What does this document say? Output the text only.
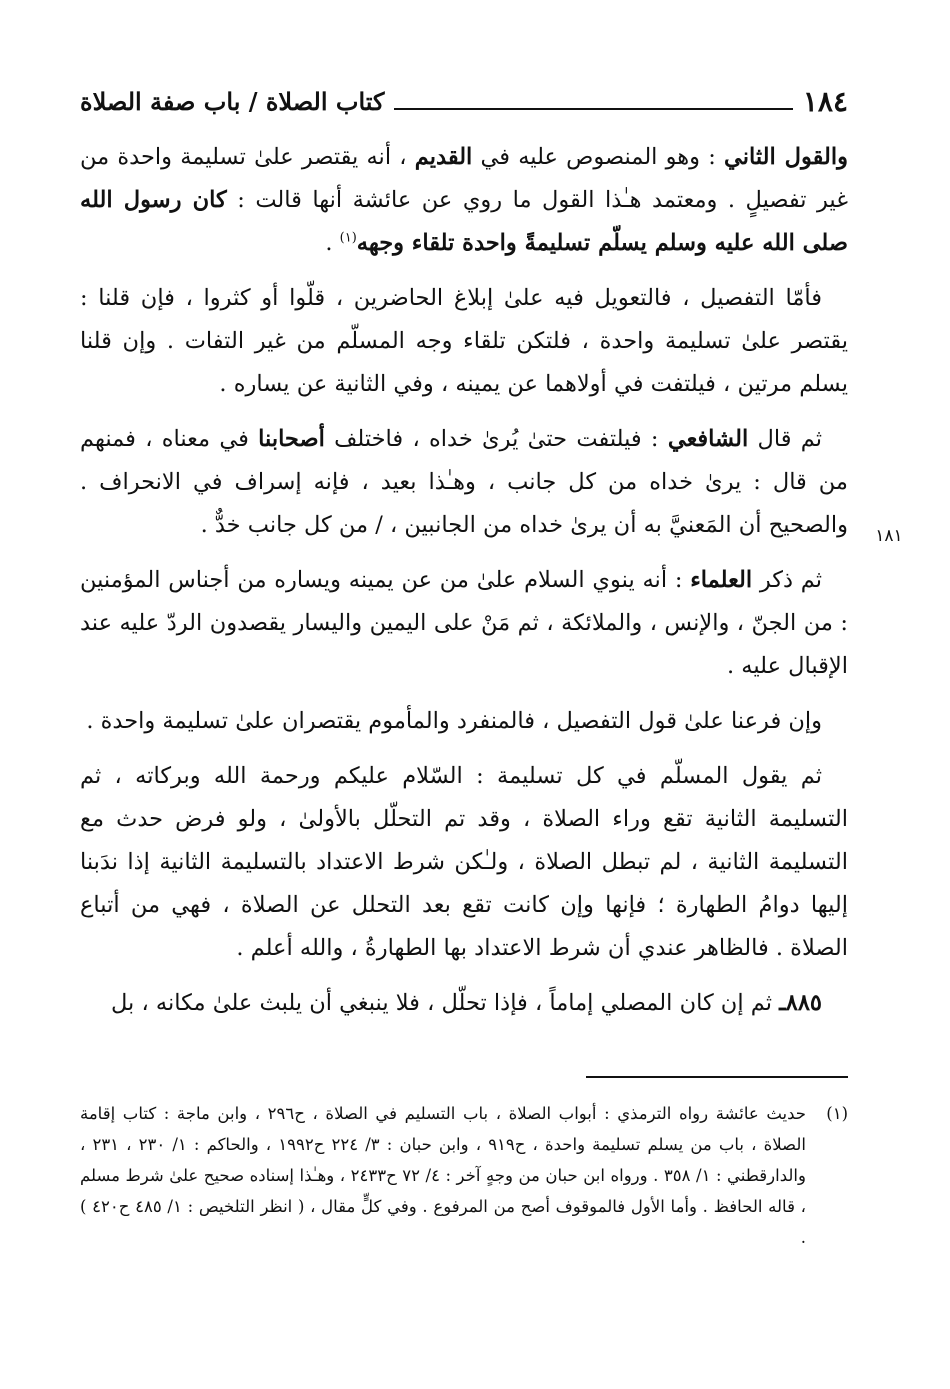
١٨٤
كتاب الصلاة / باب صفة الصلاة
١٨١

والقول الثاني : وهو المنصوص عليه في القديم ، أنه يقتصر علىٰ تسليمة واحدة من غير تفصيلٍ . ومعتمد هـٰذا القول ما روي عن عائشة أنها قالت : كان رسول الله صلى الله عليه وسلم يسلّم تسليمةً واحدة تلقاء وجهه$^{(١)}$ .

فأمّا التفصيل ، فالتعويل فيه علىٰ إبلاغ الحاضرين ، قلّوا أو كثروا ، فإن قلنا : يقتصر علىٰ تسليمة واحدة ، فلتكن تلقاء وجه المسلّم من غير التفات . وإن قلنا يسلم مرتين ، فيلتفت في أولاهما عن يمينه ، وفي الثانية عن يساره .

ثم قال الشافعي : فيلتفت حتىٰ يُرىٰ خداه ، فاختلف أصحابنا في معناه ، فمنهم من قال : يرىٰ خداه من كل جانب ، وهـٰذا بعيد ، فإنه إسراف في الانحراف . والصحيح أن المَعنيَّ به أن يرىٰ خداه من الجانبين ، / من كل جانب خدٌّ .

ثم ذكر العلماء : أنه ينوي السلام علىٰ من عن يمينه ويساره من أجناس المؤمنين : من الجنّ ، والإنس ، والملائكة ، ثم مَنْ على اليمين واليسار يقصدون الردّ عليه عند الإقبال عليه .

وإن فرعنا علىٰ قول التفصيل ، فالمنفرد والمأموم يقتصران علىٰ تسليمة واحدة .

ثم يقول المسلّم في كل تسليمة : السّلام عليكم ورحمة الله وبركاته ، ثم التسليمة الثانية تقع وراء الصلاة ، وقد تم التحلّل بالأولىٰ ، ولو فرض حدث مع التسليمة الثانية ، لم تبطل الصلاة ، ولـٰكن شرط الاعتداد بالتسليمة الثانية إذا ندَبنا إليها دوامُ الطهارة ؛ فإنها وإن كانت تقع بعد التحلل عن الصلاة ، فهي من أتباع الصلاة . فالظاهر عندي أن شرط الاعتداد بها الطهارةُ ، والله أعلم .

٨٨٥ـ ثم إن كان المصلي إماماً ، فإذا تحلّل ، فلا ينبغي أن يلبث علىٰ مكانه ، بل

(١)
حديث عائشة رواه الترمذي : أبواب الصلاة ، باب التسليم في الصلاة ، ح٢٩٦ ، وابن ماجة : كتاب إقامة الصلاة ، باب من يسلم تسليمة واحدة ، ح٩١٩ ، وابن حبان : ٣/ ٢٢٤ ح١٩٩٢ ، والحاكم : ١/ ٢٣٠ ، ٢٣١ ، والدارقطني : ١/ ٣٥٨ . ورواه ابن حبان من وجهٍ آخر : ٤/ ٧٢ ح٢٤٣٣ ، وهـٰذا إسناده صحيح علىٰ شرط مسلم ، قاله الحافظ . وأما الأول فالموقوف أصح من المرفوع . وفي كلٍّ مقال ، ( انظر التلخيص : ١/ ٤٨٥ ح٤٢٠ ) .
